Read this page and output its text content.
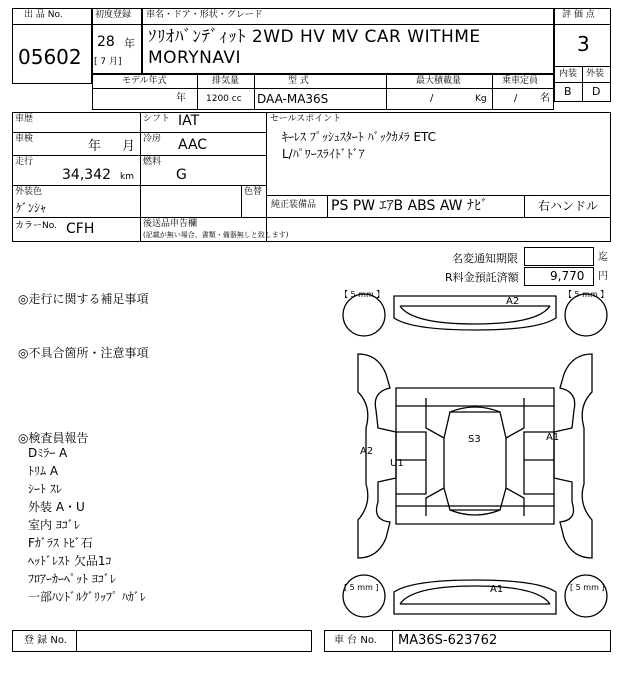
出 品 No.
05602
初度登録
28 年
[ 7 月]
車名・ドア・形状・グレード
ｿﾘｵﾊﾞﾝﾃﾞｨｯﾄ 2WD HV MV CAR WITHME
MORYNAVI
評 価 点
3
内装 外装
B D
モデル年式
年
排気量
1200 cc
型 式
DAA-MA36S
最大積載量
/	Kg
乗車定員
/ 名
車歴
車検	年 月
走行
34,342 km
シフト IAT
冷房 AAC
燃料
G
セールスポイント
ｷｰﾚｽ ﾌﾟｯｼｭｽﾀｰﾄ ﾊﾞｯｸｶﾒﾗ ETC
L/ﾊﾟﾜｰｽﾗｲﾄﾞﾄﾞｱ
外装色
ｹﾞﾝｼｬ
色替
純正装備品 PS PW ｴｱB ABS AW ﾅﾋﾞ	右ハンドル
カラーNo. CFH	後送品申告欄
(記載が無い場合、書類・備器無しと致します)
名変通知期限	迄
R料金預託済額	9,770 円
◎走行に関する補足事項
◎不具合箇所・注意事項
◎検査員報告
Dﾐﾗｰ A
ﾄﾘﾑ A
ｼｰﾄ ｽﾚ
外装 A・U
室内 ﾖｺﾞﾚ
Fｶﾞﾗｽ ﾄﾋﾞ石
ﾍｯﾄﾞﾚｽﾄ 欠品1ｺ
ﾌﾛｱｰｶｰﾍﾟｯﾄ ﾖｺﾞﾚ
一部ﾊﾝﾄﾞﾙｸﾞﾘｯﾌﾟ ﾊｶﾞﾚ
【 5 mm 】	【 5 mm 】
[ 5 mm ]	[ 5 mm ]
A2
S3
A2
U1
A1
A1
登 録 No.	車 台 No. MA36S-623762
